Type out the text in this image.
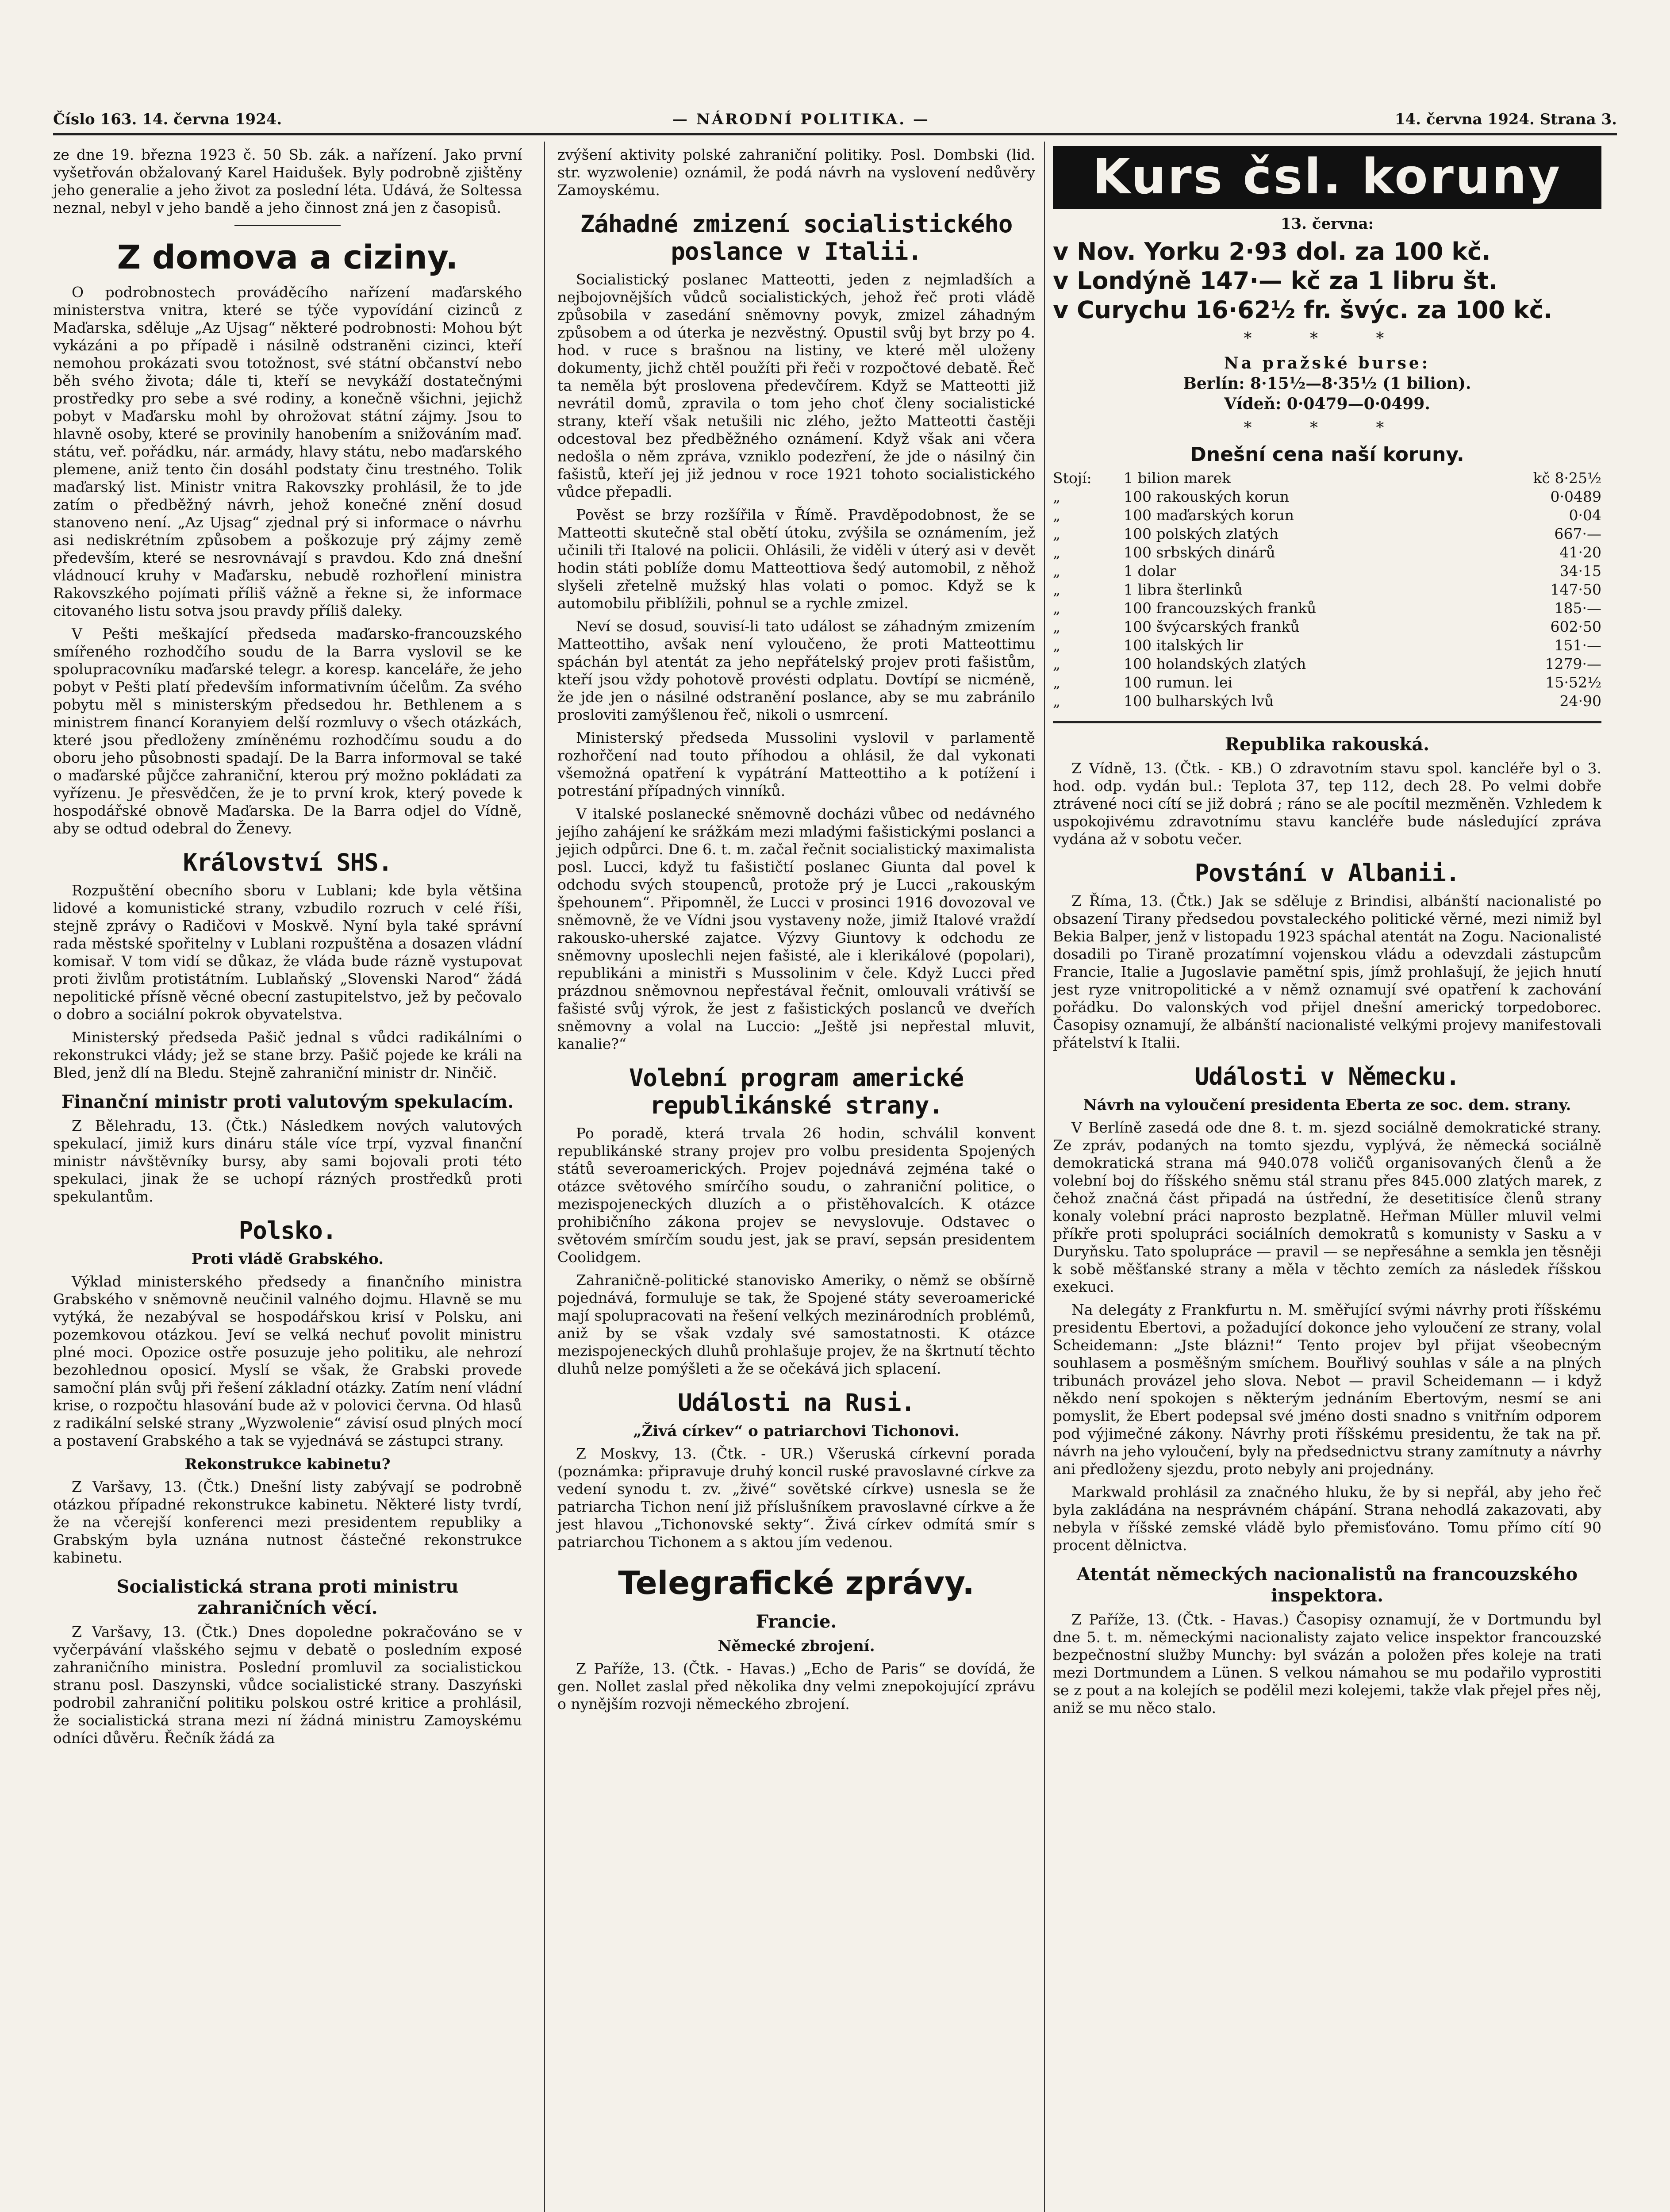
Číslo 163. 14. června 1924.	— NÁRODNÍ POLITIKA. —	14. června 1924. Strana 3.

ze dne 19. března 1923 č. 50 Sb. zák. a nařízení. Jako první vyšetřován obžalovaný Karel Haidušek. Byly podrobně zjištěny jeho generalie a jeho život za poslední léta. Udává, že Soltessa neznal, nebyl v jeho bandě a jeho činnost zná jen z časopisů.

Z domova a ciziny.

O podrobnostech prováděcího nařízení maďarského ministerstva vnitra, které se týče vypovídání cizinců z Maďarska, sděluje „Az Ujsag“ některé podrobnosti: Mohou být vykázáni a po případě i násilně odstraněni cizinci, kteří nemohou prokázati svou totožnost, své státní občanství nebo běh svého života; dále ti, kteří se nevykáží dostatečnými prostředky pro sebe a své rodiny, a konečně všichni, jejichž pobyt v Maďarsku mohl by ohrožovat státní zájmy. Jsou to hlavně osoby, které se provinily hanobením a snižováním maď. státu, veř. pořádku, nár. armády, hlavy státu, nebo maďarského plemene, aniž tento čin dosáhl podstaty činu trestného. Tolik maďarský list. Ministr vnitra Rakovszky prohlásil, že to jde zatím o předběžný návrh, jehož konečné znění dosud stanoveno není. „Az Ujsag“ zjednal prý si informace o návrhu asi nediskrétním způsobem a poškozuje prý zájmy země především, které se nesrovnávají s pravdou. Kdo zná dnešní vládnoucí kruhy v Maďarsku, nebudě rozhořlení ministra Rakovszkého pojímati příliš vážně a řekne si, že informace citovaného listu sotva jsou pravdy příliš daleky.

V Pešti meškající předseda maďarsko-francouzského smířeného rozhodčího soudu de la Barra vyslovil se ke spolupracovníku maďarské telegr. a koresp. kanceláře, že jeho pobyt v Pešti platí především informativním účelům. Za svého pobytu měl s ministerským předsedou hr. Bethlenem a s ministrem financí Koranyiem delší rozmluvy o všech otázkách, které jsou předloženy zmíněnému rozhodčímu soudu a do oboru jeho působnosti spadají. De la Barra informoval se také o maďarské půjčce zahraniční, kterou prý možno pokládati za vyřízenu. Je přesvědčen, že je to první krok, který povede k hospodářské obnově Maďarska. De la Barra odjel do Vídně, aby se odtud odebral do Ženevy.

Království SHS.

Rozpuštění obecního sboru v Lublani; kde byla většina lidové a komunistické strany, vzbudilo rozruch v celé říši, stejně zprávy o Radičovi v Moskvě. Nyní byla také správní rada městské spořitelny v Lublani rozpuštěna a dosazen vládní komisař. V tom vidí se důkaz, že vláda bude rázně vystupovat proti živlům protistátním. Lublaňský „Slovenski Narod“ žádá nepolitické přísně věcné obecní zastupitelstvo, jež by pečovalo o dobro a sociální pokrok obyvatelstva.

Ministerský předseda Pašič jednal s vůdci radikálními o rekonstrukci vlády; jež se stane brzy. Pašič pojede ke králi na Bled, jenž dlí na Bledu. Stejně zahraniční ministr dr. Ninčič.

Finanční ministr proti valutovým spekulacím.

Z Bělehradu, 13. (Čtk.) Následkem nových valutových spekulací, jimiž kurs dináru stále více trpí, vyzval finanční ministr návštěvníky bursy, aby sami bojovali proti této spekulaci, jinak že se uchopí rázných prostředků proti spekulantům.

Polsko.
Proti vládě Grabského.

Výklad ministerského předsedy a finančního ministra Grabského v sněmovně neučinil valného dojmu. Hlavně se mu vytýká, že nezabýval se hospodářskou krisí v Polsku, ani pozemkovou otázkou. Jeví se velká nechuť povolit ministru plné moci. Opozice ostře posuzuje jeho politiku, ale nehrozí bezohlednou oposicí. Myslí se však, že Grabski provede samoční plán svůj při řešení základní otázky. Zatím není vládní krise, o rozpočtu hlasování bude až v polovici června. Od hlasů z radikální selské strany „Wyzwolenie“ závisí osud plných mocí a postavení Grabského a tak se vyjednává se zástupci strany.

Rekonstrukce kabinetu?

Z Varšavy, 13. (Čtk.) Dnešní listy zabývají se podrobně otázkou případné rekonstrukce kabinetu. Některé listy tvrdí, že na včerejší konferenci mezi presidentem republiky a Grabským byla uznána nutnost částečné rekonstrukce kabinetu.

Socialistická strana proti ministru zahraničních věcí.

Z Varšavy, 13. (Čtk.) Dnes dopoledne pokračováno se v vyčerpávání vlašského sejmu v debatě o posledním exposé zahraničního ministra. Poslední promluvil za socialistickou stranu posl. Daszynski, vůdce socialistické strany. Daszyński podrobil zahraniční politiku polskou ostré kritice a prohlásil, že socialistická strana mezi ní žádná ministru Zamoyskému odníci důvěru. Řečník žádá za

zvýšení aktivity polské zahraniční politiky. Posl. Dombski (lid. str. wyzwolenie) oznámil, že podá návrh na vyslovení nedůvěry Zamoyskému.

Záhadné zmizení socialistického poslance v Italii.

Socialistický poslanec Matteotti, jeden z nejmladších a nejbojovnějších vůdců socialistických, jehož řeč proti vládě způsobila v zasedání sněmovny povyk, zmizel záhadným způsobem a od úterka je nezvěstný. Opustil svůj byt brzy po 4. hod. v ruce s brašnou na listiny, ve které měl uloženy dokumenty, jichž chtěl použíti při řeči v rozpočtové debatě. Řeč ta neměla být proslovena předevčírem. Když se Matteotti již nevrátil domů, zpravila o tom jeho choť členy socialistické strany, kteří však netušili nic zlého, ježto Matteotti častěji odcestoval bez předběžného oznámení. Když však ani včera nedošla o něm zpráva, vzniklo podezření, že jde o násilný čin fašistů, kteří jej již jednou v roce 1921 tohoto socialistického vůdce přepadli.

Pověst se brzy rozšířila v Římě. Pravděpodobnost, že se Matteotti skutečně stal obětí útoku, zvýšila se oznámením, jež učinili tři Italové na policii. Ohlásili, že viděli v úterý asi v devět hodin státi poblíže domu Matteottiova šedý automobil, z něhož slyšeli zřetelně mužský hlas volati o pomoc. Když se k automobilu přiblížili, pohnul se a rychle zmizel.

Neví se dosud, souvisí-li tato událost se záhadným zmizením Matteottiho, avšak není vyloučeno, že proti Matteottimu spáchán byl atentát za jeho nepřátelský projev proti fašistům, kteří jsou vždy pohotově provésti odplatu. Dovtípí se nicméně, že jde jen o násilné odstranění poslance, aby se mu zabránilo prosloviti zamýšlenou řeč, nikoli o usmrcení.

Ministerský předseda Mussolini vyslovil v parlamentě rozhořčení nad touto příhodou a ohlásil, že dal vykonati všemožná opatření k vypátrání Matteottiho a k potížení i potrestání případných vinníků.

V italské poslanecké sněmovně docházi vůbec od nedávného jejího zahájení ke srážkám mezi mladými fašistickými poslanci a jejich odpůrci. Dne 6. t. m. začal řečnit socialistický maximalista posl. Lucci, když tu fašističtí poslanec Giunta dal povel k odchodu svých stoupenců, protože prý je Lucci „rakouským špehounem“. Připomněl, že Lucci v prosinci 1916 dovozoval ve sněmovně, že ve Vídni jsou vystaveny nože, jimiž Italové vraždí rakousko-uherské zajatce. Výzvy Giuntovy k odchodu ze sněmovny uposlechli nejen fašisté, ale i klerikálové (popolari), republikáni a ministři s Mussolinim v čele. Když Lucci před prázdnou sněmovnou nepřestával řečnit, omlouvali vrátivší se fašisté svůj výrok, že jest z fašistických poslanců ve dveřích sněmovny a volal na Luccio: „Ještě jsi nepřestal mluvit, kanalie?“

Volební program americké republikánské strany.

Po poradě, která trvala 26 hodin, schválil konvent republikánské strany projev pro volbu presidenta Spojených států severoamerických. Projev pojednává zejména také o otázce světového smírčího soudu, o zahraniční politice, o mezispojeneckých dluzích a o přistěhovalcích. K otázce prohibičního zákona projev se nevyslovuje. Odstavec o světovém smírčím soudu jest, jak se praví, sepsán presidentem Coolidgem.

Zahraničně-politické stanovisko Ameriky, o němž se obšírně pojednává, formuluje se tak, že Spojené státy severoamerické mají spolupracovati na řešení velkých mezinárodních problémů, aniž by se však vzdaly své samostatnosti. K otázce mezispojeneckých dluhů prohlašuje projev, že na škrtnutí těchto dluhů nelze pomýšleti a že se očekává jich splacení.

Události na Rusi.
„Živá církev“ o patriarchovi Tichonovi.

Z Moskvy, 13. (Čtk. - UR.) Všeruská církevní porada (poznámka: připravuje druhý koncil ruské pravoslavné církve za vedení synodu t. zv. „živé“ sovětské církve) usnesla se že patriarcha Tichon není již příslušníkem pravoslavné církve a že jest hlavou „Tichonovské sekty“. Živá církev odmítá smír s patriarchou Tichonem a s aktou jím vedenou.

Telegrafické zprávy.
Francie.
Německé zbrojení.

Z Paříže, 13. (Čtk. - Havas.) „Echo de Paris“ se dovídá, že gen. Nollet zaslal před několika dny velmi znepokojující zprávu o nynějším rozvoji německého zbrojení.

Kurs čsl. koruny
13. června:
v Nov. Yorku 2·93 dol. za 100 kč.
v Londýně 147·— kč za 1 libru št.
v Curychu 16·62½ fr. švýc. za 100 kč.
* * *
Na pražské burse:
Berlín: 8·15½—8·35½ (1 bilion).
Vídeň: 0·0479—0·0499.
* * *
Dnešní cena naší koruny.
Stojí:	1 bilion marek	kč 8·25½
„	100 rakouských korun	0·0489
„	100 maďarských korun	0·04
„	100 polských zlatých	667·—
„	100 srbských dinárů	41·20
„	1 dolar	34·15
„	1 libra šterlinků	147·50
„	100 francouzských franků	185·—
„	100 švýcarských franků	602·50
„	100 italských lir	151·—
„	100 holandských zlatých	1279·—
„	100 rumun. lei	15·52½
„	100 bulharských lvů	24·90
Republika rakouská.

Z Vídně, 13. (Čtk. - KB.) O zdravotním stavu spol. kancléře byl o 3. hod. odp. vydán bul.: Teplota 37, tep 112, dech 28. Po velmi dobře ztrávené noci cítí se již dobrá ; ráno se ale pocítil mezměněn. Vzhledem k uspokojivému zdravotnímu stavu kancléře bude následující zpráva vydána až v sobotu večer.

Povstání v Albanii.

Z Říma, 13. (Čtk.) Jak se sděluje z Brindisi, albánští nacionalisté po obsazení Tirany předsedou povstaleckého politické věrné, mezi nimiž byl Bekia Balper, jenž v listopadu 1923 spáchal atentát na Zogu. Nacionalisté dosadili po Tiraně prozatímní vojenskou vládu a odevzdali zástupcům Francie, Italie a Jugoslavie pamětní spis, jímž prohlašují, že jejich hnutí jest ryze vnitropolitické a v němž oznamují své opatření k zachování pořádku. Do valonských vod přijel dnešní americký torpedoborec. Časopisy oznamují, že albánští nacionalisté velkými projevy manifestovali přátelství k Italii.

Události v Německu.
Návrh na vyloučení presidenta Eberta ze soc. dem. strany.

V Berlíně zasedá ode dne 8. t. m. sjezd sociálně demokratické strany. Ze zpráv, podaných na tomto sjezdu, vyplývá, že německá sociálně demokratická strana má 940.078 voličů organisovaných členů a že volební boj do říšského sněmu stál stranu přes 845.000 zlatých marek, z čehož značná část připadá na ústřední, že desetitisíce členů strany konaly volební práci naprosto bezplatně. Heřman Müller mluvil velmi příkře proti spolupráci sociálních demokratů s komunisty v Sasku a v Duryňsku. Tato spolupráce — pravil — se nepřesáhne a semkla jen těsněji k sobě měšťanské strany a měla v těchto zemích za následek říšskou exekuci.

Na delegáty z Frankfurtu n. M. směřující svými návrhy proti říšskému presidentu Ebertovi, a požadující dokonce jeho vyloučení ze strany, volal Scheidemann: „Jste blázni!“ Tento projev byl přijat všeobecným souhlasem a posměšným smíchem. Bouřlivý souhlas v sále a na plných tribunách provázel jeho slova. Nebot — pravil Scheidemann — i když někdo není spokojen s některým jednáním Ebertovým, nesmí se ani pomyslit, že Ebert podepsal své jméno dosti snadno s vnitřním odporem pod výjimečné zákony. Návrhy proti říšskému presidentu, že tak na př. návrh na jeho vyloučení, byly na předsednictvu strany zamítnuty a návrhy ani předloženy sjezdu, proto nebyly ani projednány.

Markwald prohlásil za značného hluku, že by si nepřál, aby jeho řeč byla zakládána na nesprávném chápání. Strana nehodlá zakazovati, aby nebyla v říšské zemské vládě bylo přemisťováno. Tomu přímo cítí 90 procent dělnictva.

Atentát německých nacionalistů na francouzského inspektora.

Z Paříže, 13. (Čtk. - Havas.) Časopisy oznamují, že v Dortmundu byl dne 5. t. m. německými nacionalisty zajato velice inspektor francouzské bezpečnostní služby Munchy: byl svázán a položen přes koleje na trati mezi Dortmundem a Lünen. S velkou námahou se mu podařilo vyprostiti se z pout a na kolejích se podělil mezi kolejemi, takže vlak přejel přes něj, aniž se mu něco stalo.
